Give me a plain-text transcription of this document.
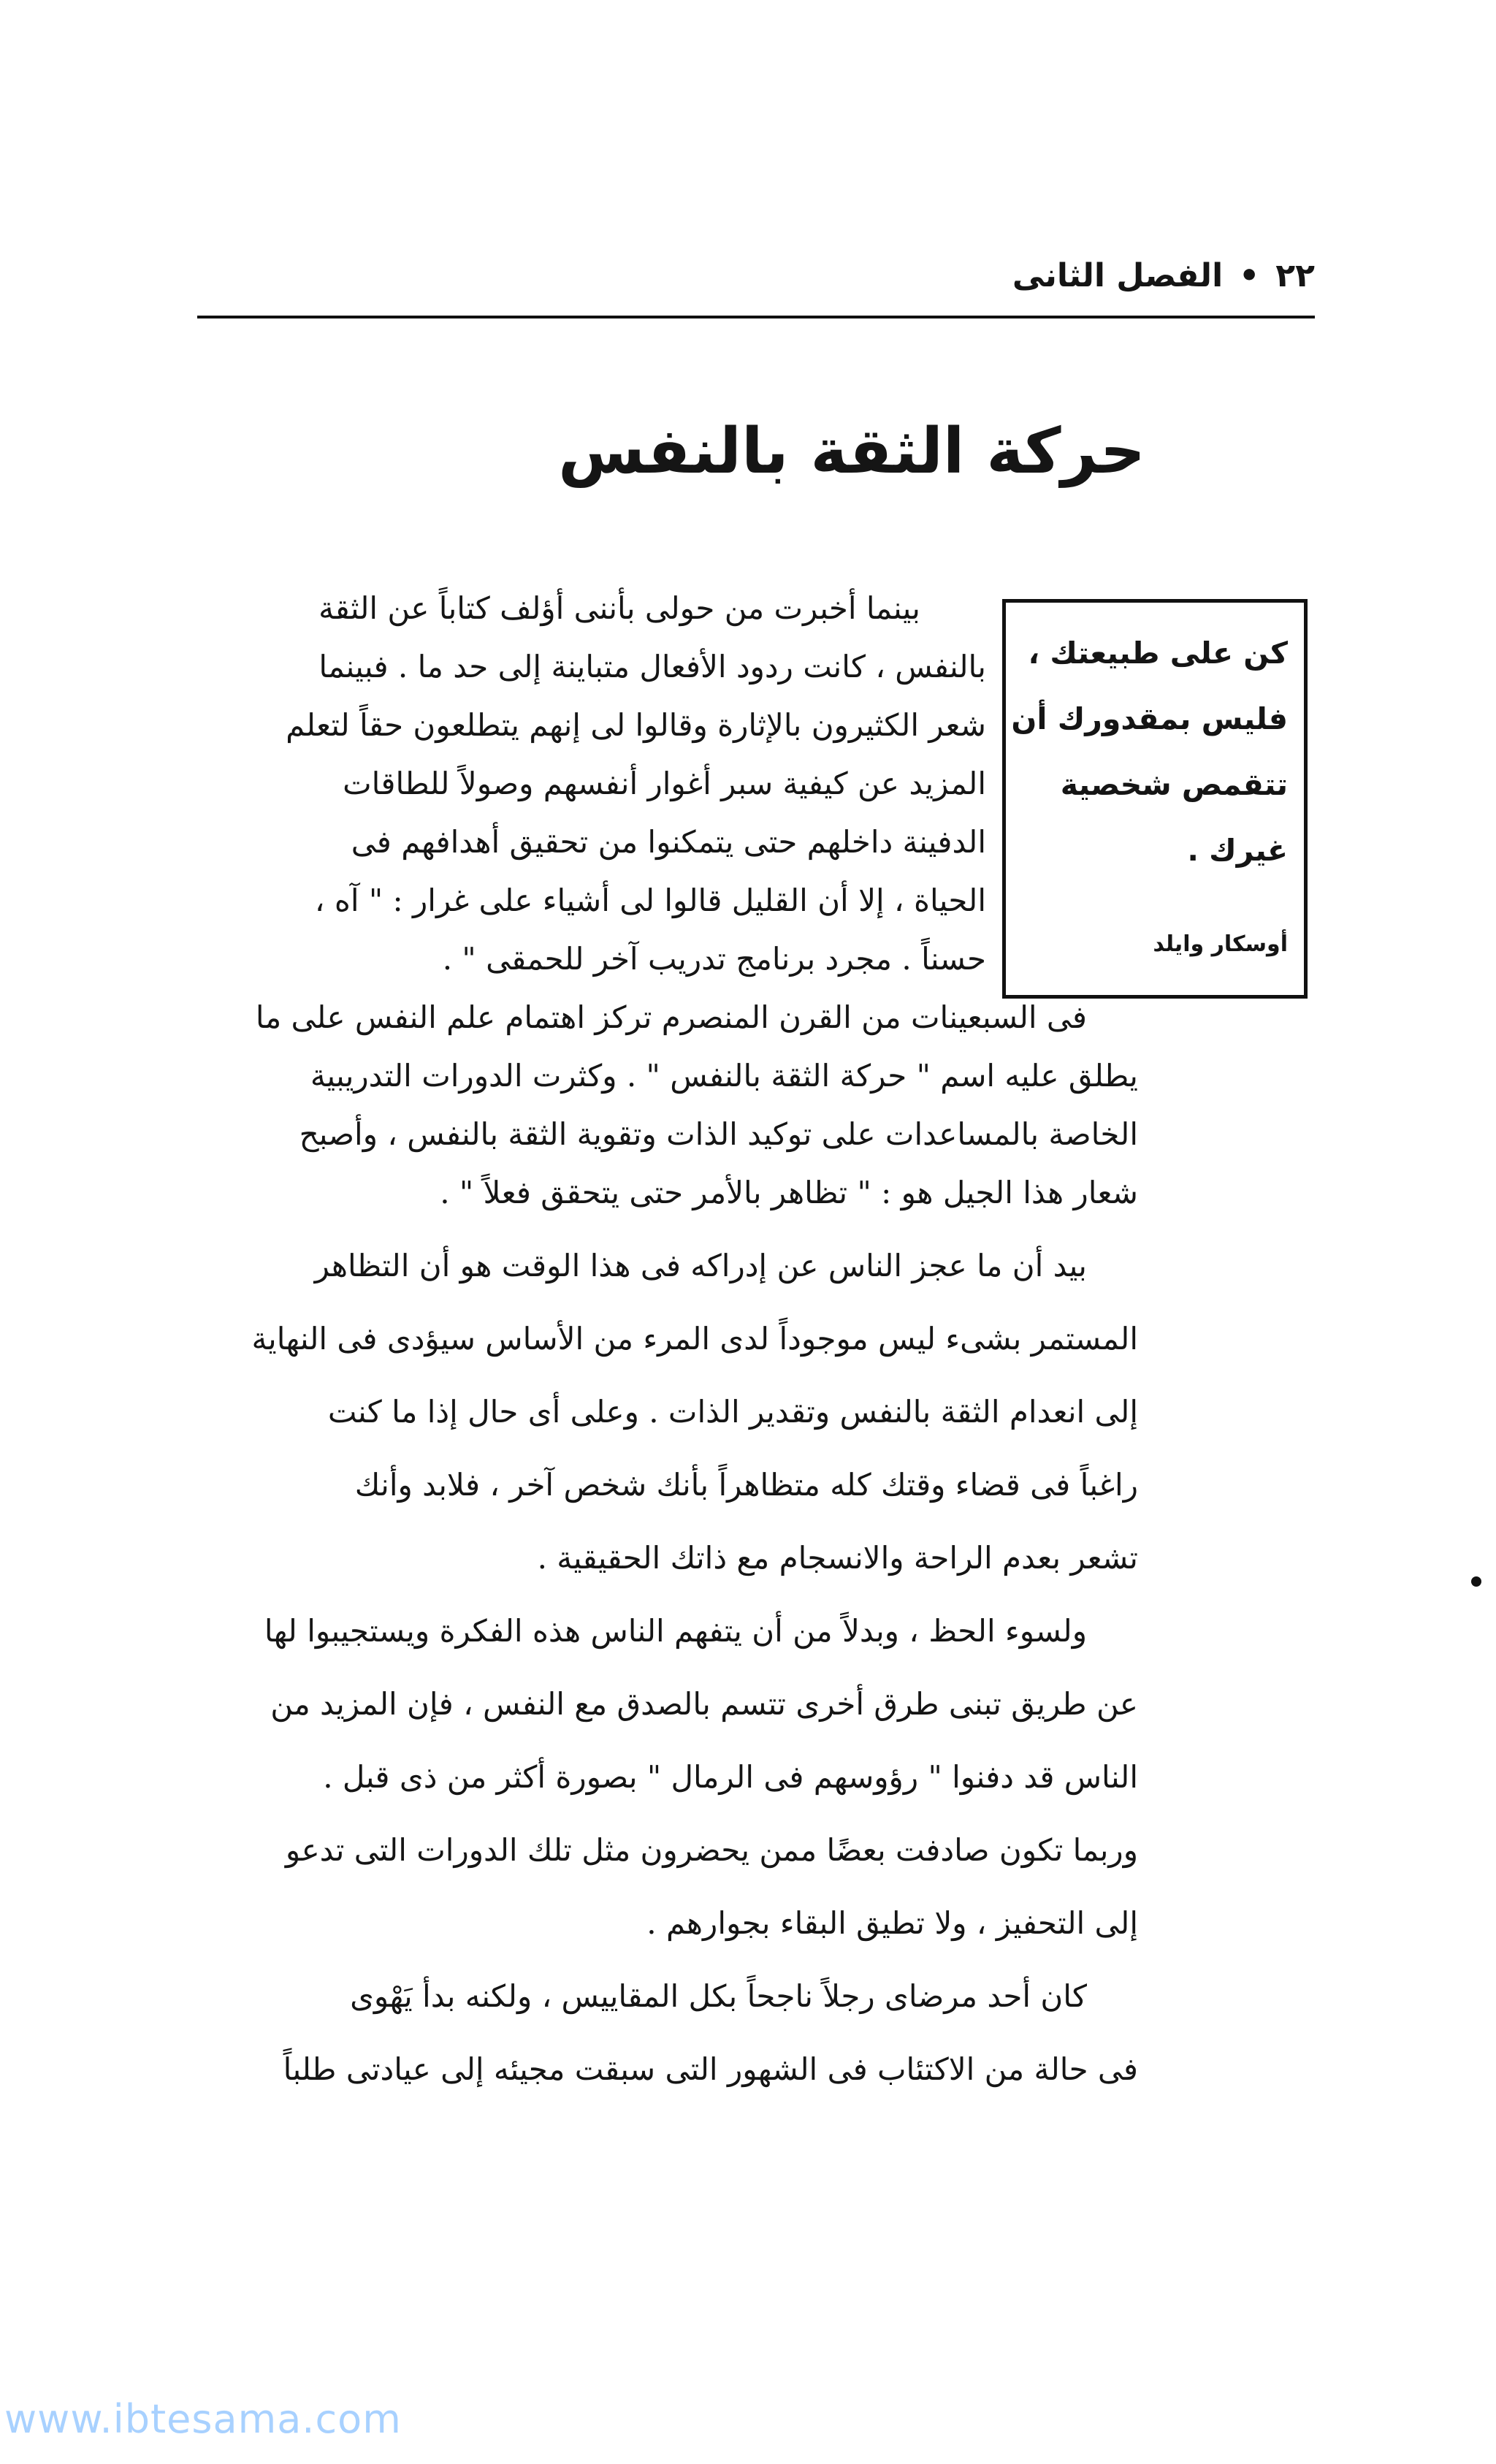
٢٢•الفصل الثانى
حركة الثقة بالنفس
كن على طبيعتك ،
فليس بمقدورك أن
تتقمص شخصية
غيرك .
أوسكار وايلد
بينما أخبرت من حولى بأننى أؤلف كتاباً عن الثقة
بالنفس ، كانت ردود الأفعال متباينة إلى حد ما . فبينما
شعر الكثيرون بالإثارة وقالوا لى إنهم يتطلعون حقاً لتعلم
المزيد عن كيفية سبر أغوار أنفسهم وصولاً للطاقات
الدفينة داخلهم حتى يتمكنوا من تحقيق أهدافهم فى
الحياة ، إلا أن القليل قالوا لى أشياء على غرار : " آه ،
حسناً . مجرد برنامج تدريب آخر للحمقى " .
فى السبعينات من القرن المنصرم تركز اهتمام علم النفس على ما
يطلق عليه اسم " حركة الثقة بالنفس " . وكثرت الدورات التدريبية
الخاصة بالمساعدات على توكيد الذات وتقوية الثقة بالنفس ، وأصبح
شعار هذا الجيل هو : " تظاهر بالأمر حتى يتحقق فعلاً " .
بيد أن ما عجز الناس عن إدراكه فى هذا الوقت هو أن التظاهر
المستمر بشىء ليس موجوداً لدى المرء من الأساس سيؤدى فى النهاية
إلى انعدام الثقة بالنفس وتقدير الذات . وعلى أى حال إذا ما كنت
راغباً فى قضاء وقتك كله متظاهراً بأنك شخص آخر ، فلابد وأنك
تشعر بعدم الراحة والانسجام مع ذاتك الحقيقية .
ولسوء الحظ ، وبدلاً من أن يتفهم الناس هذه الفكرة ويستجيبوا لها
عن طريق تبنى طرق أخرى تتسم بالصدق مع النفس ، فإن المزيد من
الناس قد دفنوا " رؤوسهم فى الرمال " بصورة أكثر من ذى قبل .
وربما تكون صادفت بعضًا ممن يحضرون مثل تلك الدورات التى تدعو
إلى التحفيز ، ولا تطيق البقاء بجوارهم .
كان أحد مرضاى رجلاً ناجحاً بكل المقاييس ، ولكنه بدأ يَهْوى
فى حالة من الاكتئاب فى الشهور التى سبقت مجيئه إلى عيادتى طلباً
www.ibtesama.com
